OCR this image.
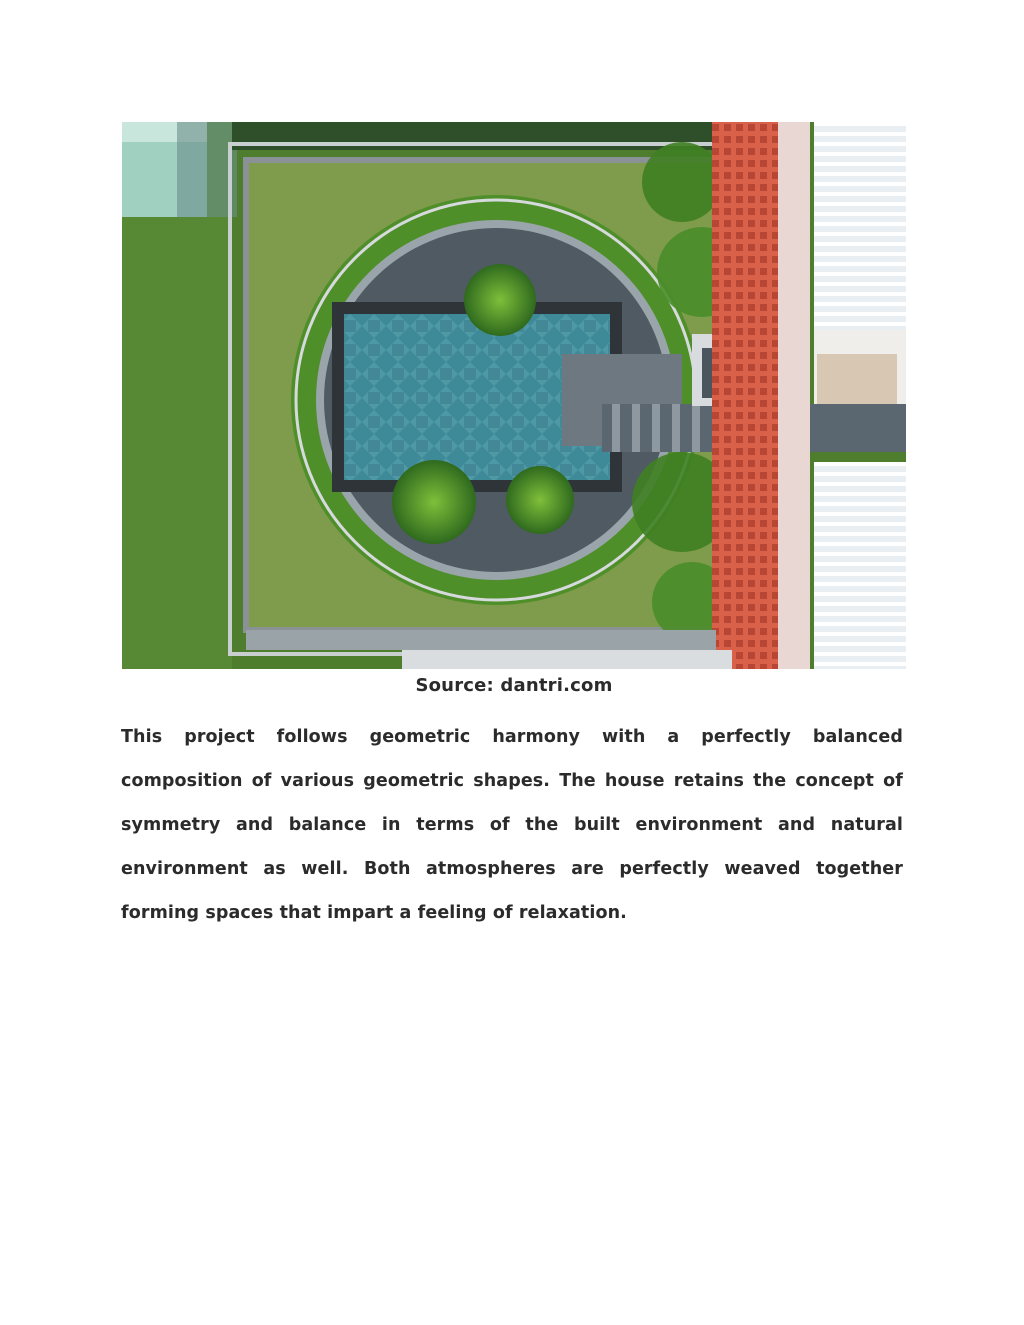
Source: dantri.com

This project follows geometric harmony with a perfectly balanced composition of various geometric shapes. The house retains the concept of symmetry and balance in terms of the built environment and natural environment as well. Both atmospheres are perfectly weaved together forming spaces that impart a feeling of relaxation.
